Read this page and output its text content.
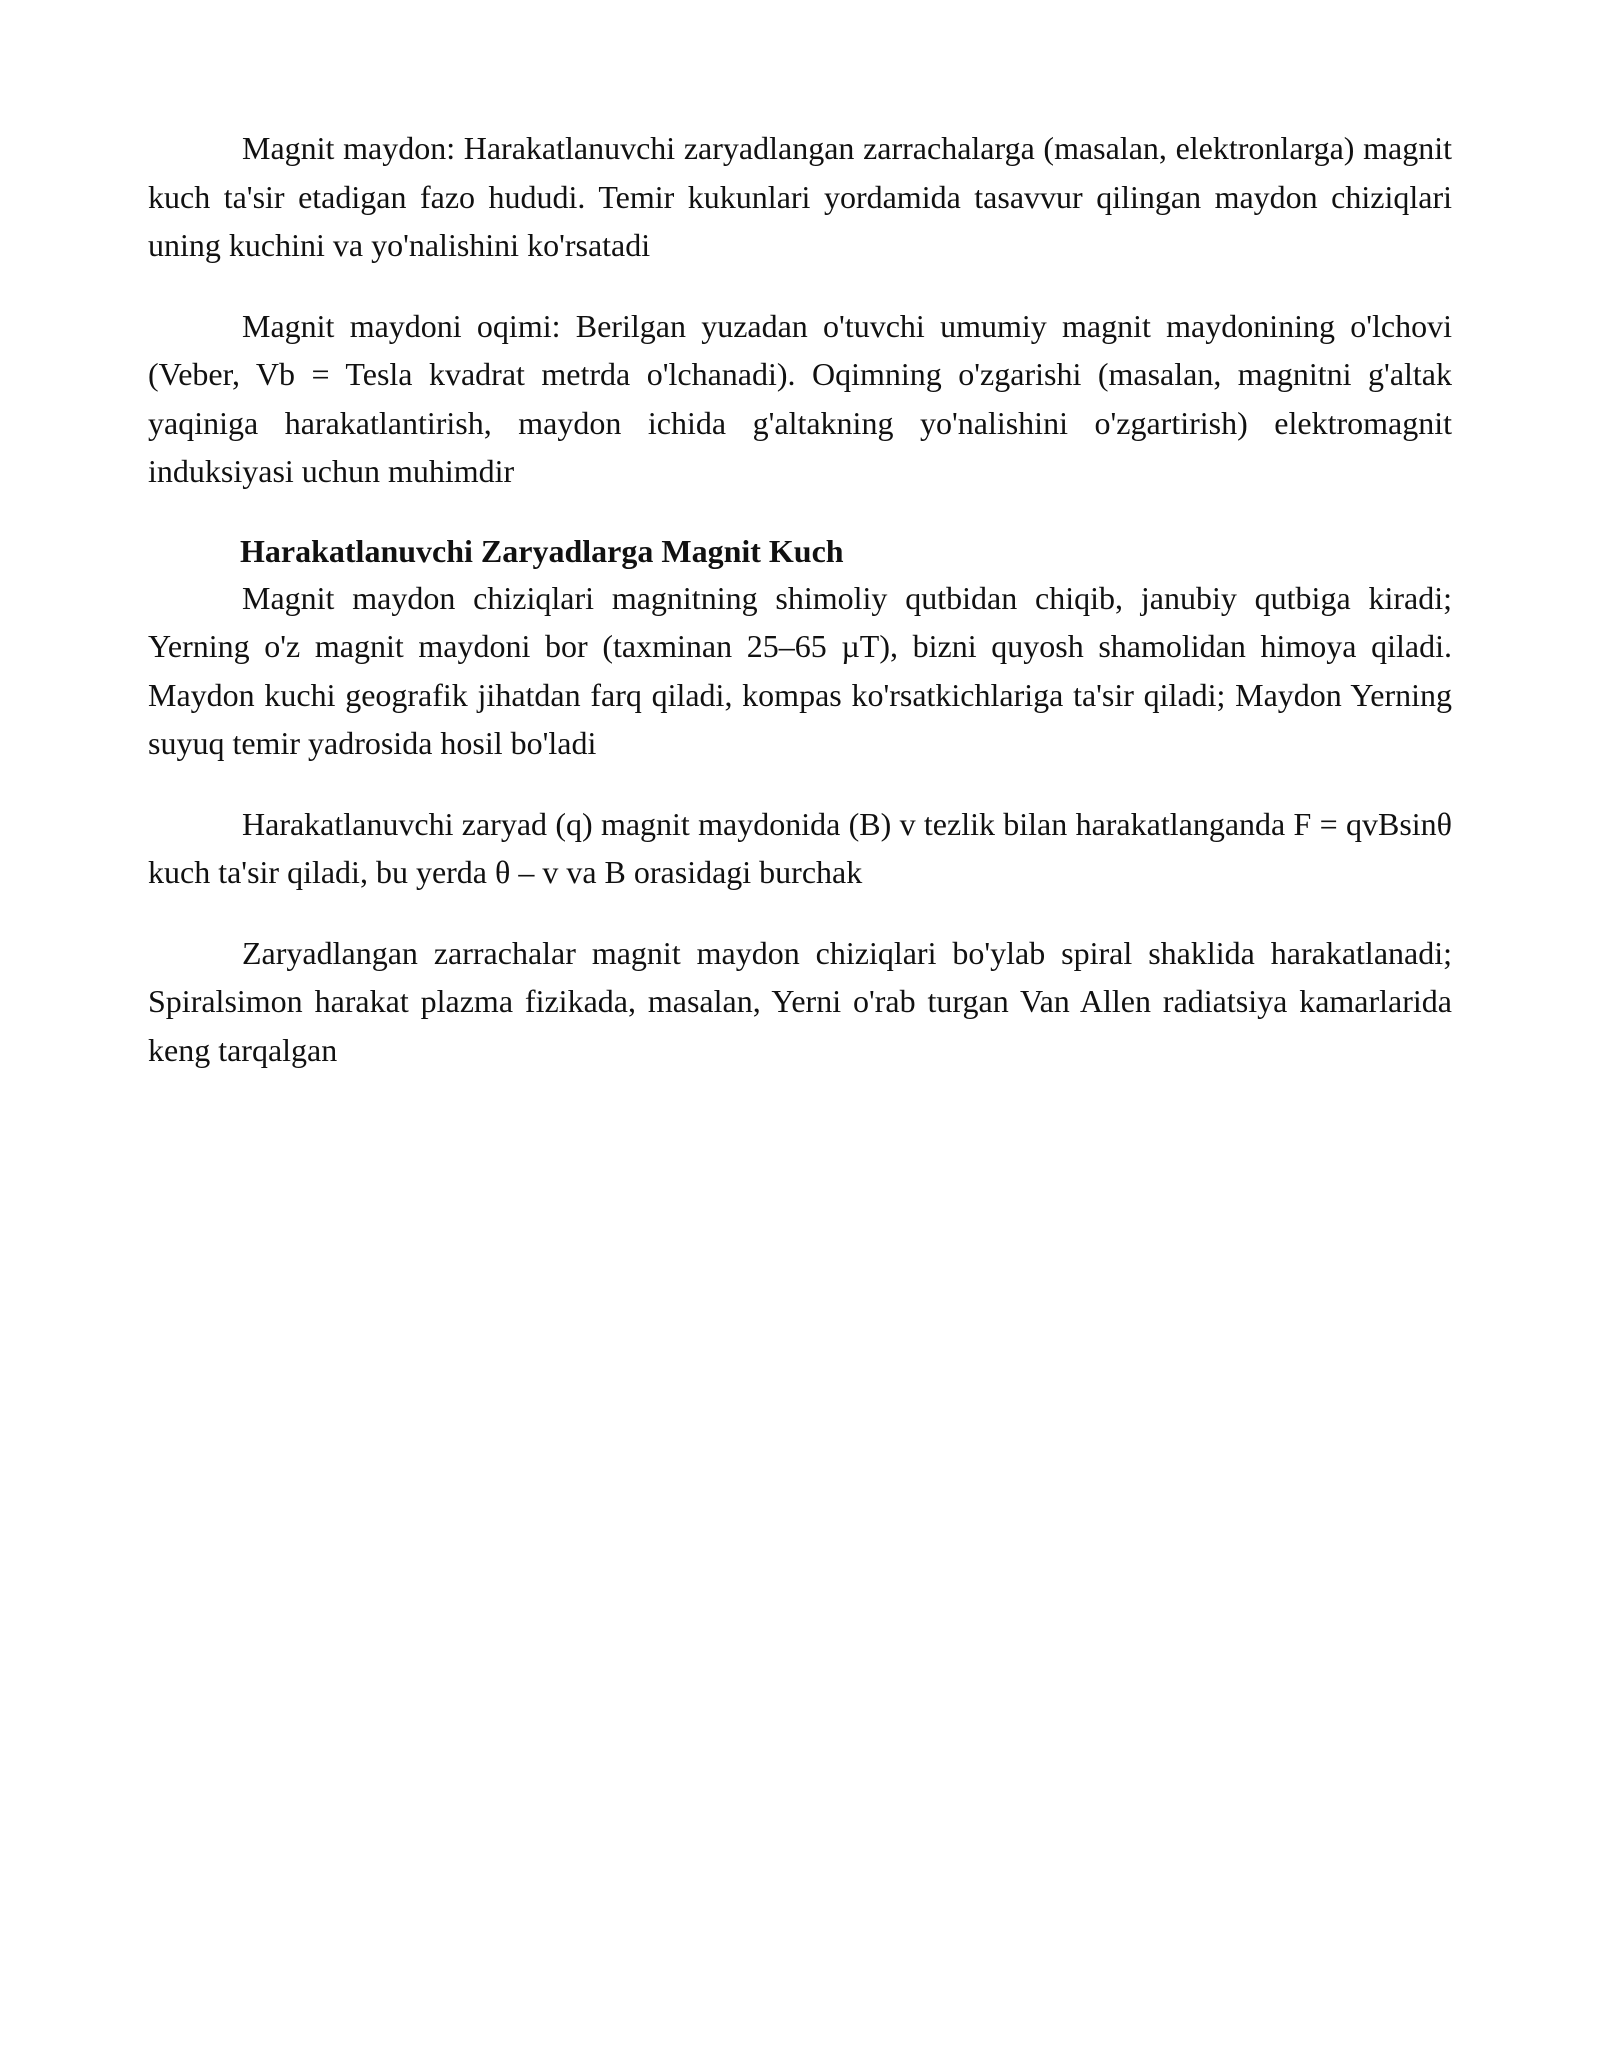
Magnit maydon: Harakatlanuvchi zaryadlangan zarrachalarga (masalan, elektronlarga) magnit kuch ta'sir etadigan fazo hududi. Temir kukunlari yordamida tasavvur qilingan maydon chiziqlari uning kuchini va yo'nalishini ko'rsatadi

Magnit maydoni oqimi: Berilgan yuzadan o'tuvchi umumiy magnit maydonining o'lchovi (Veber, Vb = Tesla kvadrat metrda o'lchanadi). Oqimning o'zgarishi (masalan, magnitni g'altak yaqiniga harakatlantirish, maydon ichida g'altakning yo'nalishini o'zgartirish) elektromagnit induksiyasi uchun muhimdir

Harakatlanuvchi Zaryadlarga Magnit Kuch

Magnit maydon chiziqlari magnitning shimoliy qutbidan chiqib, janubiy qutbiga kiradi; Yerning o'z magnit maydoni bor (taxminan 25–65 µT), bizni quyosh shamolidan himoya qiladi. Maydon kuchi geografik jihatdan farq qiladi, kompas ko'rsatkichlariga ta'sir qiladi; Maydon Yerning suyuq temir yadrosida hosil bo'ladi

Harakatlanuvchi zaryad (q) magnit maydonida (B) v tezlik bilan harakatlanganda F = qvBsinθ kuch ta'sir qiladi, bu yerda θ – v va B orasidagi burchak

Zaryadlangan zarrachalar magnit maydon chiziqlari bo'ylab spiral shaklida harakatlanadi; Spiralsimon harakat plazma fizikada, masalan, Yerni o'rab turgan Van Allen radiatsiya kamarlarida keng tarqalgan
